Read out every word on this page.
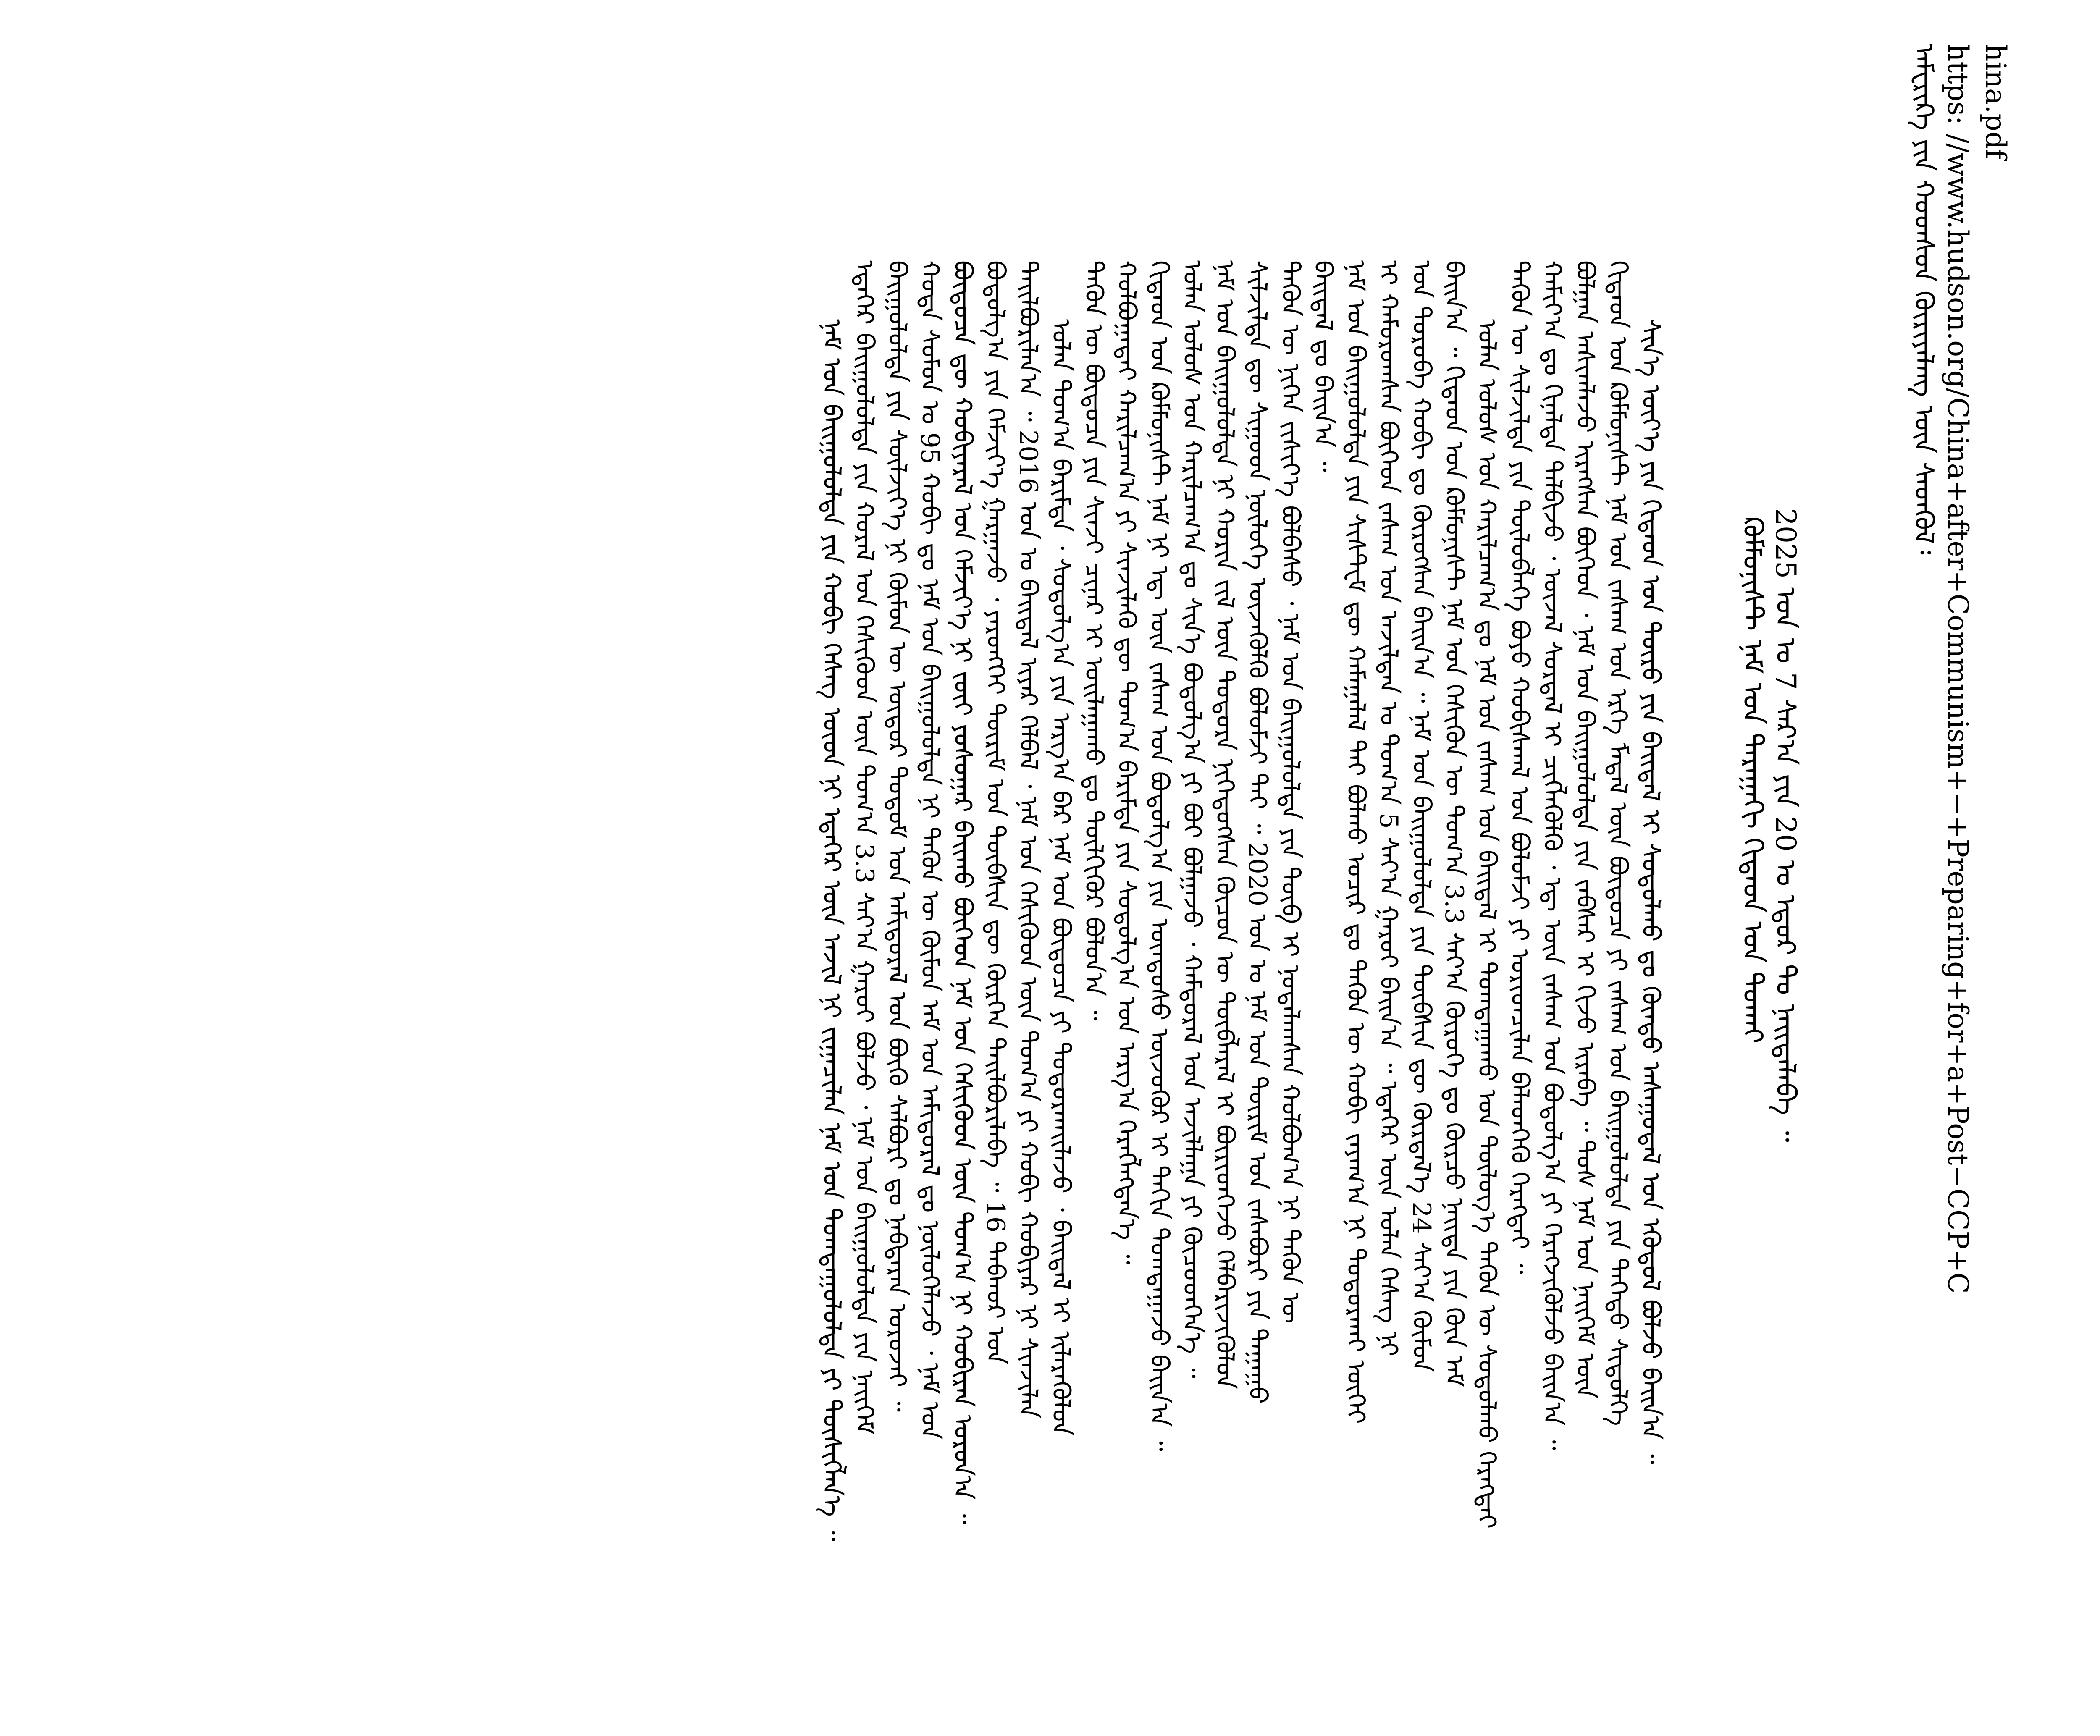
hina.pdf
https: //www.hudson.org/China+after+Communism+−+Preparing+for+a+Post−CCP+C
ᠠᠮᠧᠷᠢᠺᠠ ᠶᠢᠨ ᠬᠤᠳᠰᠤᠨ ᠬᠦᠷᠢᠶᠡᠯᠡᠩ ᠦᠨ ᠰᠡᠳᠬᠦᠯ᠄
2025 ᠣᠨ ᠤ 7 ᠰᠠᠷ᠎ᠠ ᠶᠢᠨ 20 ᠤ ᠡᠳᠦᠷ ᠲᠤ ᠨᠡᠢᠲᠡᠯᠡᠪᠡ ᠃
ᠺᠣᠮᠮᠦᠨᠢᠰᠲ ᠨᠠᠮ ᠤᠨ ᠳᠠᠷᠠᠭᠠᠬᠢ ᠬᠢᠲᠠᠳ ᠤᠨ ᠲᠤᠬᠠᠢ
ᠰᠢᠨ᠎ᠡ ᠦᠶ᠎ᠡ ᠶᠢᠨ ᠬᠢᠲᠠᠳ ᠤᠨ ᠲᠥᠷᠦ ᠶᠢᠨ ᠪᠠᠢᠳᠠᠯ ᠢ ᠰᠣᠳᠤᠯᠬᠤ ᠳᠤ ᠬᠦᠨᠳᠦ ᠠᠰᠠᠭᠤᠳᠠᠯ ᠤᠨ ᠡᠭᠦᠳᠦᠯ ᠪᠣᠯᠵᠤ ᠪᠠᠢᠨ᠎ᠠ ᠃
ᠬᠢᠲᠠᠳ ᠤᠨ ᠺᠣᠮᠮᠦᠨᠢᠰᠲ ᠨᠠᠮ ᠤᠨ ᠵᠠᠰᠠᠭ ᠤᠨ ᠡᠷᠬᠡ ᠮᠡᠳᠡᠯ ᠦᠨ ᠪᠦᠲᠦᠴᠡ ᠶᠢ ᠵᠠᠰᠠᠭ ᠤᠨ ᠪᠠᠢᠭᠤᠯᠤᠯᠲᠠ ᠶᠢᠨ ᠲᠡᠭᠡᠳᠦ ᠰᠢᠲᠦᠯᠭᠡ
ᠪᠣᠯᠭᠠᠨ ᠠᠰᠢᠭᠯᠠᠵᠤ ᠢᠷᠡᠭᠰᠡᠨ ᠪᠥᠭᠡᠳ ᠂ ᠨᠠᠮ ᠤᠨ ᠪᠠᠢᠭᠤᠯᠤᠯᠲᠠ ᠶᠢᠨ ᠵᠠᠪᠰᠠᠷ ᠢ ᠬᠢᠵᠤ ᠢᠷᠡᠪᠡ ᠃ ᠲᠤᠰ ᠨᠠᠮ ᠤᠨ ᠨᠡᠢᠭᠡᠮ ᠦᠨ
ᠬᠠᠮᠢᠶ᠎ᠠ ᠳᠤ ᠬᠢᠨᠠᠯᠲᠠ ᠲᠠᠯᠪᠢᠵᠤ ᠂ ᠦᠵᠡᠯ ᠰᠤᠷᠲᠠᠯ ᠢ ᠴᠢᠭᠯᠡᠭᠦᠯᠬᠦ ᠂ ᠡᠳ᠋ ᠦᠨ ᠵᠠᠰᠠᠭ ᠤᠨ ᠪᠣᠳᠣᠯᠭ᠎ᠠ ᠶᠢ ᠬᠡᠷᠡᠭᠵᠢᠭᠦᠯᠵᠦ ᠪᠠᠢᠨ᠎ᠠ ᠃
ᠲᠡᠭᠦᠨ ᠦ ᠰᠢᠯᠵᠢᠯᠲᠡ ᠶᠢᠨ ᠲᠥᠯᠥᠪᠯᠡᠭᠡ ᠪᠤᠶᠤ ᠬᠤᠪᠢᠰᠬᠠᠯ ᠤᠨ ᠪᠣᠯᠣᠮᠵᠢ ᠶᠢ ᠤᠷᠢᠳᠴᠢᠯᠠᠨ ᠪᠡᠯᠡᠳᠬᠡᠬᠦ ᠬᠡᠷᠡᠭᠲᠡᠢ ᠃
ᠣᠯᠠᠨ ᠤᠯᠤᠰ ᠤᠨ ᠬᠠᠷᠢᠯᠴᠠᠭ᠎ᠠ ᠳᠤ ᠨᠠᠮ ᠤᠨ ᠵᠠᠰᠠᠭ ᠤᠨ ᠪᠠᠢᠳᠠᠯ ᠢ ᠲᠣᠭᠲᠠᠭᠠᠬᠤ ᠤᠨ ᠲᠥᠯᠥᠭ᠎ᠡ ᠲᠡᠭᠦᠨ ᠦ ᠰᠣᠳᠤᠯᠬᠤ ᠬᠡᠷᠡᠭᠲᠡᠢ
ᠪᠠᠢᠨ᠎ᠠ ᠃ ᠬᠢᠲᠠᠳ ᠤᠨ ᠺᠣᠮᠮᠦᠨᠢᠰᠲ ᠨᠠᠮ ᠤᠨ ᠭᠡᠰᠢᠭᠦᠨ ᠦ ᠲᠣᠭ᠎ᠠ 3.3 ᠰᠠᠶ᠎ᠠ ᠬᠦᠷᠦᠭᠡ ᠳᠤ ᠬᠦᠷᠴᠦ ᠨᠡᠢᠲᠡ ᠶᠢᠨ ᠬᠦᠨ ᠠᠮ
ᠤᠨ ᠳᠤᠷᠤᠪᠠ ᠬᠤᠪᠢ ᠳᠤ ᠬᠦᠷᠦᠭᠰᠡᠨ ᠪᠠᠢᠨ᠎ᠠ ᠃ ᠨᠠᠮ ᠤᠨ ᠪᠠᠢᠭᠤᠯᠤᠯᠲᠠ ᠶᠢᠨ ᠲᠦᠪᠰᠢᠨ ᠳᠦ ᠬᠦᠷᠲᠡᠯ᠎ᠡ 24 ᠰᠠᠶ᠎ᠠ ᠬᠦᠮᠦᠨ
ᠢ ᠬᠠᠮᠤᠷᠤᠭᠰᠠᠨ ᠪᠥᠭᠡᠳ ᠵᠠᠰᠠᠭ ᠤᠨ ᠠᠵᠢᠯᠲᠠᠨ ᠤ ᠲᠣᠭ᠎ᠠ 5 ᠰᠠᠶ᠎ᠠ ᠭᠠᠷᠤᠢ ᠪᠠᠢᠨ᠎ᠠ ᠃ ᠡᠳᠡᠭᠡᠷ ᠦᠨ ᠣᠯᠠᠨ ᠬᠡᠰᠡᠭ ᠨᠢ
ᠨᠠᠮ ᠤᠨ ᠪᠠᠢᠭᠤᠯᠤᠯᠲᠠ ᠶᠢᠨ ᠰᠢᠰᠲ᠋ᠧᠮ ᠳᠦ ᠬᠠᠮᠠᠭᠠᠯᠠᠯ ᠲᠠᠢ ᠪᠣᠯᠬᠤ ᠤᠴᠢᠷ ᠳᠤ ᠲᠡᠭᠦᠨ ᠦ ᠬᠤᠪᠢ ᠵᠠᠶᠠᠭ᠎ᠠ ᠨᠢ ᠲᠣᠳᠣᠷᠬᠠᠢ ᠦᠭᠡᠢ
ᠪᠠᠢᠳᠠᠯ ᠳᠤ ᠪᠠᠢᠨ᠎ᠠ ᠃
ᠲᠡᠭᠦᠨ ᠦ ᠨᠢᠭᠡᠨ ᠵᠢᠱᠢᠶ᠎ᠡ ᠪᠣᠯᠪᠠᠰᠤ ᠂ ᠨᠠᠮ ᠤᠨ ᠪᠠᠢᠭᠤᠯᠤᠯᠲᠠ ᠶᠢᠨ ᠲᠥᠪ ᠢ ᠨᠣᠲᠠᠯᠠᠭᠰᠠᠨ ᠬᠣᠯᠪᠤᠭ᠎ᠠ ᠨᠢ ᠲᠡᠭᠦᠨ ᠦ
ᠰᠢᠯᠵᠢᠯᠲᠡ ᠳᠦ ᠰᠢᠭᠤᠳ ᠨᠥᠯᠥᠭᠡ ᠦᠵᠡᠭᠦᠯᠬᠦ ᠪᠣᠯᠤᠮᠵᠢ ᠲᠠᠢ ᠃ 2020 ᠣᠨ ᠤ ᠨᠠᠮ ᠤᠨ ᠳᠦᠷᠢᠮ ᠤᠨ ᠵᠠᠰᠠᠪᠤᠷᠢ ᠶᠢᠨ ᠳᠠᠭᠠᠭᠤ
ᠨᠠᠮ ᠤᠨ ᠪᠠᠢᠭᠤᠯᠤᠯᠲᠠ ᠨᠢ ᠬᠣᠷᠢᠨ ᠵᠢᠯ ᠦᠨ ᠳᠣᠲᠣᠷᠠ ᠨᠢᠭᠡᠳᠦᠭᠰᠡᠨ ᠬᠦᠴᠦᠨ ᠦ ᠲᠥᠪᠯᠡᠷᠡᠯ ᠢ ᠪᠦᠷᠢᠳᠬᠡᠵᠦ ᠬᠡᠯᠪᠡᠷᠢᠵᠢᠭᠦᠯᠦᠨ
ᠣᠯᠠᠨ ᠤᠯᠤᠰ ᠤᠨ ᠬᠠᠷᠢᠯᠴᠠᠭ᠎ᠠ ᠳᠤ ᠰᠢᠨ᠎ᠡ ᠪᠣᠳᠣᠯᠭ᠎ᠠ ᠶᠢ ᠪᠤᠢ ᠪᠣᠯᠭᠠᠵᠤ ᠂ ᠬᠠᠮᠲᠤᠷᠠᠯ ᠤᠨ ᠠᠵᠢᠯᠯᠠᠭᠠ ᠶᠢ ᠬᠦᠴᠦᠳᠬᠡᠨ᠎ᠡ ᠃
ᠬᠢᠲᠠᠳ ᠤᠨ ᠺᠣᠮᠮᠦᠨᠢᠰᠲ ᠨᠠᠮ ᠨᠢ ᠡᠳ᠋ ᠦᠨ ᠵᠠᠰᠠᠭ ᠤᠨ ᠪᠣᠳᠣᠯᠭ᠎ᠠ ᠶᠢᠨ ᠦᠨᠳᠦᠰᠦ ᠦᠵᠦᠭᠦᠷ ᠢ ᠳᠠᠬᠢᠨ ᠲᠣᠭᠲᠠᠭᠠᠵᠤ ᠪᠠᠢᠨ᠎ᠠ ᠃
ᠬᠣᠯᠪᠣᠭᠠᠲᠠᠢ ᠬᠠᠷᠢᠯᠴᠠᠭ᠎ᠠ ᠶᠢ ᠰᠢᠨᠵᠢᠯᠡᠬᠦ ᠳᠦ ᠲᠣᠭ᠎ᠠ ᠪᠠᠷᠢᠮᠲᠠ ᠶᠢᠨ ᠰᠤᠳᠤᠯᠭ᠎ᠠ ᠤᠨ ᠠᠷᠭ᠎ᠠ ᠬᠡᠷᠡᠭᠯᠡᠭᠳᠡᠨ᠎ᠡ ᠃
ᠲᠡᠭᠦᠨ ᠦ ᠪᠦᠲᠦᠴᠡ ᠶᠢᠨ ᠰᠢᠨᠵᠢ ᠴᠢᠨᠠᠷ ᠢ ᠣᠢᠯᠠᠭᠠᠬᠤ ᠳᠤ ᠲᠦᠯᠬᠢᠭᠦᠷ ᠪᠣᠯᠤᠨ᠎ᠠ ᠃
ᠣᠯᠠᠨ ᠲᠣᠭ᠎ᠠ ᠪᠠᠷᠢᠮᠲᠠ ᠂ ᠰᠣᠳᠤᠯᠭ᠎ᠠ ᠶᠢᠨ ᠠᠷᠭ᠎ᠠ ᠪᠠᠷ ᠨᠠᠮ ᠤᠨ ᠪᠦᠲᠦᠴᠡ ᠶᠢ ᠲᠣᠳᠣᠷᠬᠠᠢᠯᠠᠵᠤ ᠂ ᠪᠠᠢᠳᠠᠯ ᠢ ᠢᠯᠡᠷᠡᠭᠦᠯᠦᠨ
ᠲᠠᠢᠯᠪᠤᠷᠢᠯᠠᠨ᠎ᠠ ᠃ 2016 ᠣᠨ ᠤ ᠪᠠᠢᠳᠠᠯ ᠢᠶᠠᠷ ᠬᠡᠯᠪᠡᠯ ᠂ ᠨᠠᠮ ᠤᠨ ᠭᠡᠰᠢᠭᠦᠳ ᠦᠨ ᠲᠣᠭ᠎ᠠ ᠶᠢ ᠬᠤᠪᠢ ᠬᠤᠪᠢᠶᠠᠷ ᠨᠢ ᠰᠢᠨᠵᠢᠯᠡᠨ
ᠪᠣᠳᠣᠯᠭ᠎ᠠ ᠶᠢᠨ ᠬᠡᠮᠵᠢᠶ᠎ᠡ ᠭᠠᠷᠭᠠᠵᠤ ᠂ ᠶᠡᠷᠦᠩᠬᠡᠢ ᠳᠦᠷᠢᠮ ᠤᠨ ᠲᠦᠪᠰᠢᠨ ᠳᠦ ᠬᠦᠷᠭᠡᠨ ᠲᠠᠢᠯᠪᠤᠷᠢᠯᠠᠪᠠ ᠃ 16 ᠳᠠᠪᠬᠤᠷ ᠤᠨ
ᠪᠦᠲᠦᠴᠡ ᠳᠦ ᠬᠤᠪᠢᠶᠠᠷᠠᠯ ᠤᠨ ᠬᠡᠮᠵᠢᠶ᠎ᠡ ᠨᠢ ᠵᠦᠢ ᠶᠣᠰᠤᠭᠠᠷ ᠪᠠᠢᠬᠤ ᠪᠥᠭᠡᠳ ᠨᠠᠮ ᠤᠨ ᠭᠡᠰᠢᠭᠦᠳ ᠦᠨ ᠲᠣᠭ᠎ᠠ ᠨᠢ ᠬᠤᠪᠢᠷᠠᠨ ᠣᠷᠣᠨ᠎ᠠ ᠃
ᠬᠣᠲᠠ ᠰᠤᠮᠤᠨ ᠤ 95 ᠬᠤᠪᠢ ᠳᠤ ᠨᠠᠮ ᠤᠨ ᠪᠠᠢᠭᠤᠯᠤᠯᠲᠠ ᠨᠢ ᠲᠡᠭᠦᠨ ᠦ ᠬᠦᠮᠦᠨ ᠠᠮ ᠤᠨ ᠠᠮᠢᠳᠤᠷᠠᠯ ᠳᠤ ᠨᠥᠯᠥᠭᠡᠯᠡᠵᠦ ᠂ ᠨᠠᠮ ᠤᠨ
ᠪᠠᠢᠭᠤᠯᠤᠯᠲᠠ ᠶᠢᠨ ᠰᠦᠯᠵᠢᠶ᠎ᠡ ᠨᠢ ᠬᠦᠮᠦᠨ ᠦ ᠥᠳᠥᠷ ᠲᠤᠲᠤᠮ ᠤᠨ ᠠᠮᠢᠳᠤᠷᠠᠯ ᠤᠨ ᠪᠦᠬᠦ ᠰᠠᠯᠪᠤᠷᠢ ᠳᠤ ᠨᠡᠪᠲᠡᠷᠡᠨ ᠣᠷᠣᠵᠠᠢ ᠃
ᠡᠳᠡᠭᠡᠷ ᠪᠠᠢᠭᠤᠯᠤᠯᠲᠠ ᠶᠢᠨ ᠬᠤᠷᠠᠯ ᠤᠨ ᠭᠡᠰᠢᠭᠦᠳ ᠦᠨ ᠲᠣᠭ᠎ᠠ 3.3 ᠰᠠᠶ᠎ᠠ ᠭᠠᠷᠤᠢ ᠪᠣᠯᠵᠤ ᠂ ᠨᠠᠮ ᠤᠨ ᠪᠠᠢᠭᠤᠯᠤᠯᠲᠠ ᠶᠢᠨ ᠨᠡᠢᠭᠡᠮ
ᠨᠠᠮ ᠤᠨ ᠪᠠᠢᠭᠤᠯᠤᠯᠲᠠ ᠶᠢᠨ ᠬᠤᠪᠢ ᠬᠡᠰᠡᠭ ᠦᠳ ᠨᠢ ᠡᠳᠡᠭᠡᠷ ᠦᠨ ᠠᠵᠢᠯ ᠨᠢ ᠵᠢᠭᠠᠴᠢᠯᠠᠨ ᠨᠠᠮ ᠤᠨ ᠲᠣᠭᠲᠠᠭᠤᠯᠤᠯᠲᠠ ᠶᠢ ᠲᠦᠰᠢᠭᠯᠡᠨ᠎ᠡ ᠃
